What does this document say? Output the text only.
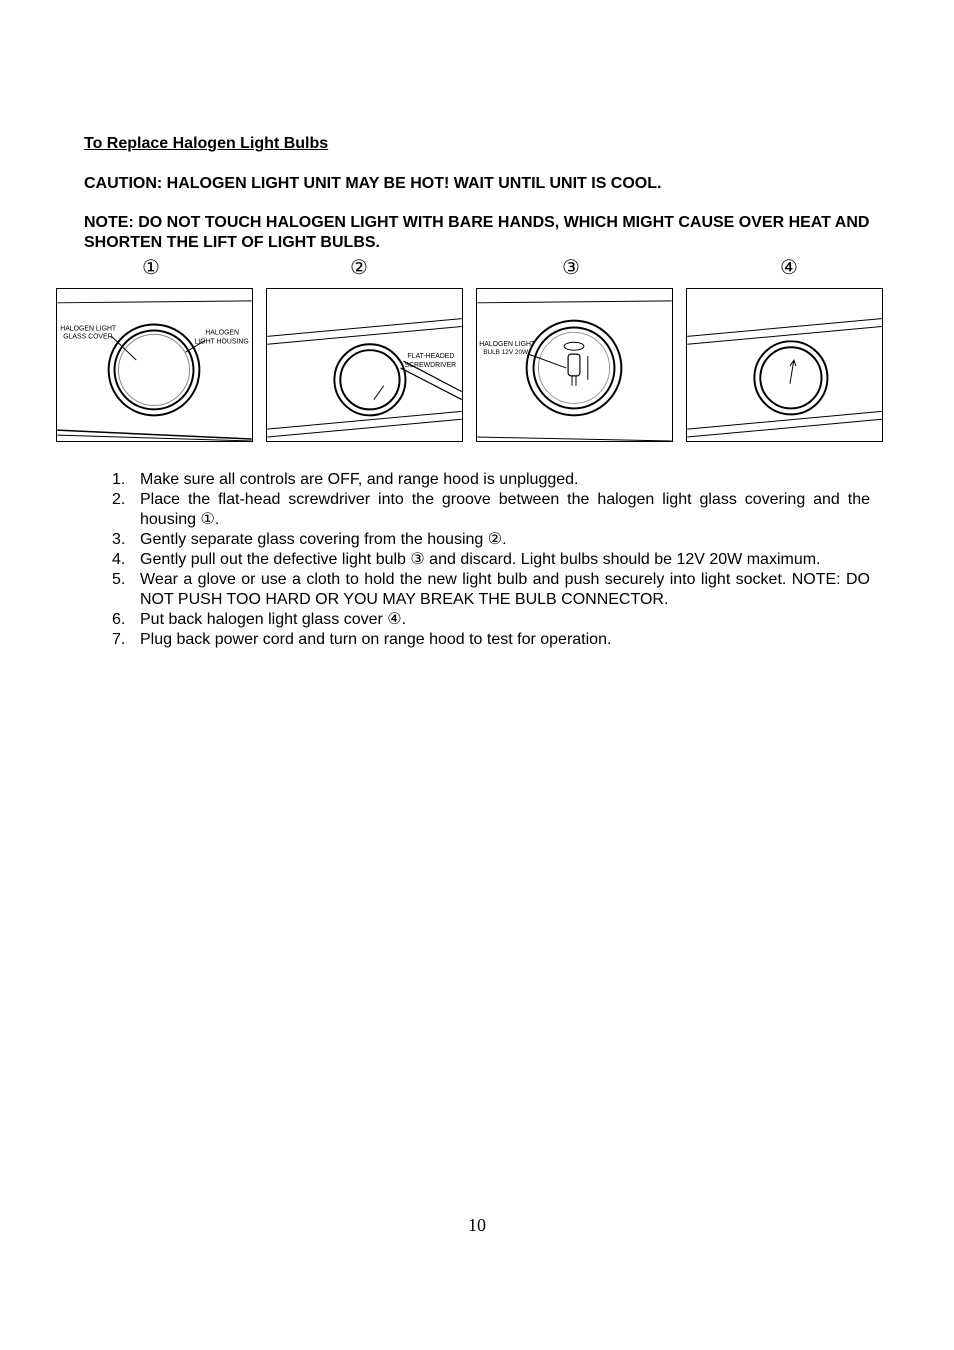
To Replace Halogen Light Bulbs
CAUTION: HALOGEN LIGHT UNIT MAY BE HOT! WAIT UNTIL UNIT IS COOL.
NOTE: DO NOT TOUCH HALOGEN LIGHT WITH BARE HANDS, WHICH MIGHT CAUSE OVER HEAT AND SHORTEN THE LIFT OF LIGHT BULBS.
①	②	③	④
HALOGEN LIGHT
GLASS COVER
HALOGEN
LIGHT HOUSING
FLAT-HEADED
SCREWDRIVER
HALOGEN LIGHT
BULB 12V 20W
1. Make sure all controls are OFF, and range hood is unplugged.
2. Place the flat-head screwdriver into the groove between the halogen light glass covering and the housing ①.
3. Gently separate glass covering from the housing ②.
4. Gently pull out the defective light bulb ③ and discard. Light bulbs should be 12V 20W maximum.
5. Wear a glove or use a cloth to hold the new light bulb and push securely into light socket. NOTE: DO NOT PUSH TOO HARD OR YOU MAY BREAK THE BULB CONNECTOR.
6. Put back halogen light glass cover ④.
7. Plug back power cord and turn on range hood to test for operation.
10
